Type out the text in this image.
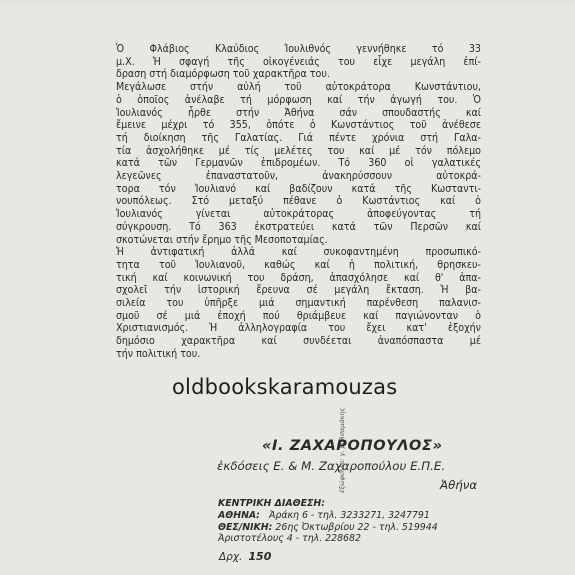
Ὁ Φλάβιος Κλαύδιος Ἰουλιθνός γεννήθηκε τό 33
μ.Χ. Ἡ σφαγή τῆς οἰκογένειάς του εἶχε μεγάλη ἐπί-
δραση στή διαμόρφωση τοῦ χαρακτῆρα του.
Μεγάλωσε στήν αὐλή τοῦ αὐτοκράτορα Κωνστάντιου,
ὁ ὁποῖος ἀνέλαβε τή μόρφωση καί τήν ἀγωγή του. Ὁ
Ἰουλιανός ἦρθε στήν Ἀθήνα σάν σπουδαστής καί
ἔμεινε μέχρι τό 355, ὁπότε ὁ Κωνστάντιος τοῦ ἀνέθεσε
τή διοίκηση τῆς Γαλατίας. Γιά πέντε χρόνια στή Γαλα-
τία ἀσχολήθηκε μέ τίς μελέτες του καί μέ τόν πόλεμο
κατά τῶν Γερμανῶν ἐπιδρομέων. Τό 360 οἱ γαλατικές
λεγεῶνες ἐπαναστατοῦν, ἀνακηρύσσουν αὐτοκρά-
τορα τόν Ἰουλιανό καί βαδίζουν κατά τῆς Κωσταντι-
νουπόλεως. Στό μεταξύ πέθανε ὁ Κωστάντιος καί ὁ
Ἰουλιανός γίνεται αὐτοκράτορας ἀποφεύγοντας τή
σύγκρουση. Τό 363 ἐκστρατεύει κατά τῶν Περσῶν καί
σκοτώνεται στήν ἔρημο τῆς Μεσοποταμίας.
Ἡ ἀντιφατική ἀλλά καί συκοφαντημένη προσωπικό-
τητα τοῦ Ἰουλιανοῦ, καθώς καί ἡ πολιτική, θρησκευ-
τική καί κοινωνική του δράση, ἀπασχόλησε καί θ' ἀπα-
σχολεῖ τήν ἱστορική ἔρευνα σέ μεγάλη ἔκταση. Ἡ βα-
σιλεία του ὑπῆρξε μιά σημαντική παρένθεση παλανισ-
σμοῦ σέ μιά ἐποχή πού θριάμβευε καί παγιώνονταν ὁ
Χριστιανισμός. Ἡ ἀλληλογραφία του ἔχει κατ' ἐξοχήν
δημόσιο χαρακτῆρα καί συνδέεται ἀναπόσπαστα μέ
τήν πολιτική του.
oldbookskaramouzas
ἐξώφυλλο: γ. βαλσαμάκης
«Ι. ΖΑΧΑΡΟΠΟΥΛΟΣ»
ἐκδόσεις Ε. & Μ. Ζαχαροπούλου Ε.Π.Ε.
Ἀθήνα
ΚΕΝΤΡΙΚΗ ΔΙΑΘΕΣΗ:
ΑΘΗΝΑ: Ἀράκη 6 - τηλ. 3233271, 3247791
ΘΕΣ/ΝΙΚΗ: 26ης Ὀκτωβρίου 22 - τηλ. 519944
Ἀριστοτέλους 4 - τηλ. 228682
Δρχ. 150
